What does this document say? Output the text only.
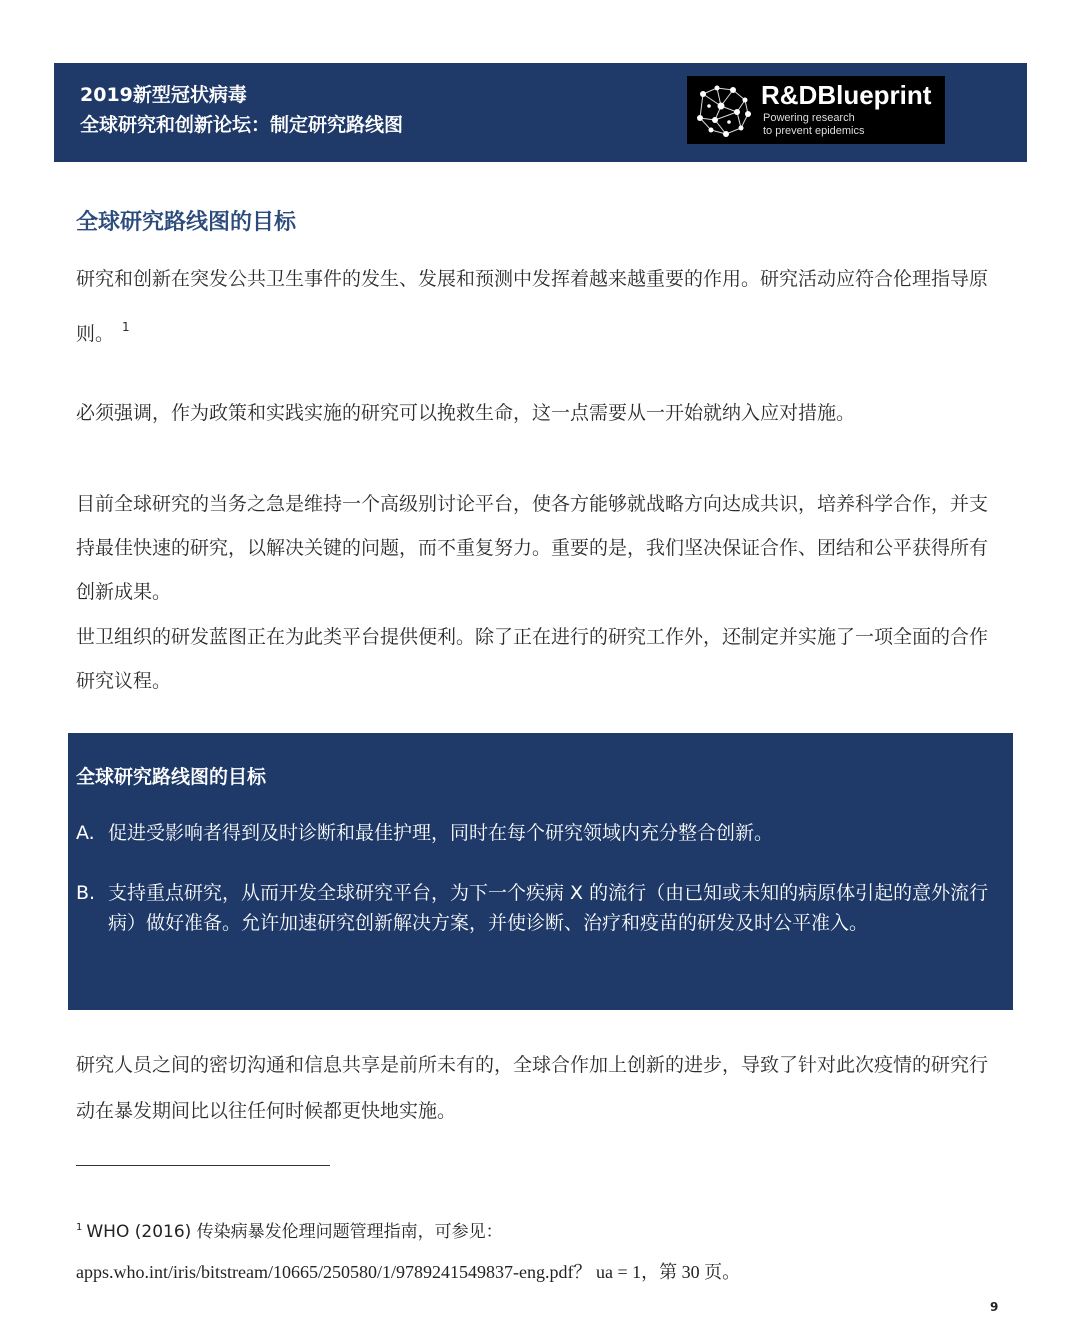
2019新型冠状病毒
全球研究和创新论坛：制定研究路线图
R&DBlueprint
Powering research
to prevent epidemics
全球研究路线图的目标

研究和创新在突发公共卫生事件的发生、发展和预测中发挥着越来越重要的作用。研究活动应符合伦理指导原则。 $^1$

必须强调，作为政策和实践实施的研究可以挽救生命，这一点需要从一开始就纳入应对措施。

目前全球研究的当务之急是维持一个高级别讨论平台，使各方能够就战略方向达成共识，培养科学合作，并支持最佳快速的研究，以解决关键的问题，而不重复努力。重要的是，我们坚决保证合作、团结和公平获得所有创新成果。

世卫组织的研发蓝图正在为此类平台提供便利。除了正在进行的研究工作外，还制定并实施了一项全面的合作研究议程。

全球研究路线图的目标
A. 促进受影响者得到及时诊断和最佳护理，同时在每个研究领域内充分整合创新。
B. 支持重点研究，从而开发全球研究平台，为下一个疾病 X 的流行（由已知或未知的病原体引起的意外流行病）做好准备。允许加速研究创新解决方案，并使诊断、治疗和疫苗的研发及时公平准入。

研究人员之间的密切沟通和信息共享是前所未有的，全球合作加上创新的进步，导致了针对此次疫情的研究行动在暴发期间比以往任何时候都更快地实施。

$^1$ WHO (2016) 传染病暴发伦理问题管理指南，可参见：

apps.who.int/iris/bitstream/10665/250580/1/9789241549837-eng.pdf？ ua = 1，第 30 页。

9
